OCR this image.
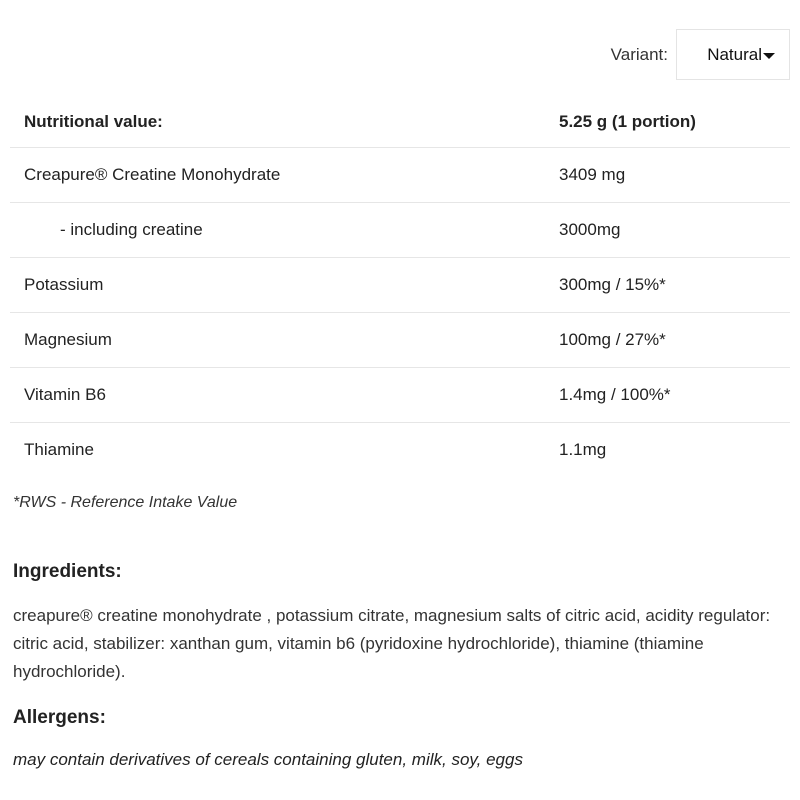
Variant: Natural
Nutritional value:	5.25 g (1 portion)
Creapure® Creatine Monohydrate	3409 mg
- including creatine	3000mg
Potassium	300mg / 15%*
Magnesium	100mg / 27%*
Vitamin B6	1.4mg / 100%*
Thiamine	1.1mg
*RWS - Reference Intake Value
Ingredients:
creapure® creatine monohydrate , potassium citrate, magnesium salts of citric acid, acidity regulator: citric acid, stabilizer: xanthan gum, vitamin b6 (pyridoxine hydrochloride), thiamine (thiamine hydrochloride).
Allergens:
may contain derivatives of cereals containing gluten, milk, soy, eggs
